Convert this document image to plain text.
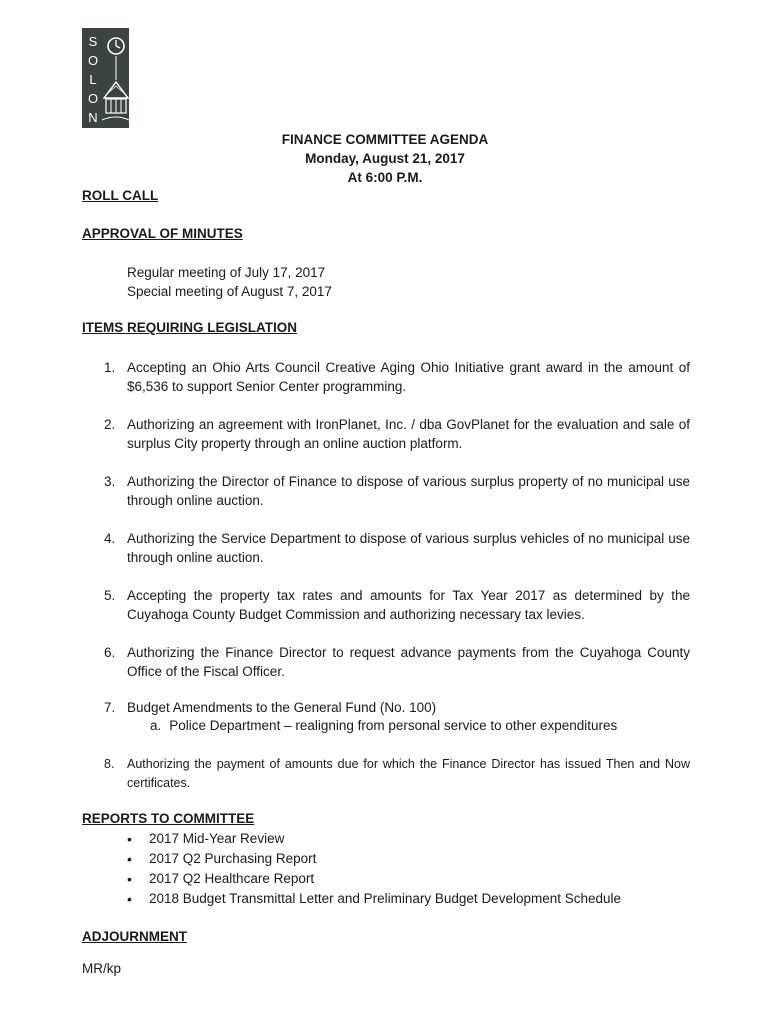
S
O
L
O
N
FINANCE COMMITTEE AGENDA
Monday, August 21, 2017
At 6:00 P.M.
ROLL CALL
APPROVAL OF MINUTES
Regular meeting of July 17, 2017
Special meeting of August 7, 2017
ITEMS REQUIRING LEGISLATION
1. Accepting an Ohio Arts Council Creative Aging Ohio Initiative grant award in the amount of $6,536 to support Senior Center programming.
2. Authorizing an agreement with IronPlanet, Inc. / dba GovPlanet for the evaluation and sale of surplus City property through an online auction platform.
3. Authorizing the Director of Finance to dispose of various surplus property of no municipal use through online auction.
4. Authorizing the Service Department to dispose of various surplus vehicles of no municipal use through online auction.
5. Accepting the property tax rates and amounts for Tax Year 2017 as determined by the Cuyahoga County Budget Commission and authorizing necessary tax levies.
6. Authorizing the Finance Director to request advance payments from the Cuyahoga County Office of the Fiscal Officer.
7. Budget Amendments to the General Fund (No. 100)
8. Authorizing the payment of amounts due for which the Finance Director has issued Then and Now certificates.
a. Police Department – realigning from personal service to other expenditures
REPORTS TO COMMITTEE
• 2017 Mid-Year Review
• 2017 Q2 Purchasing Report
• 2017 Q2 Healthcare Report
• 2018 Budget Transmittal Letter and Preliminary Budget Development Schedule
ADJOURNMENT
MR/kp
